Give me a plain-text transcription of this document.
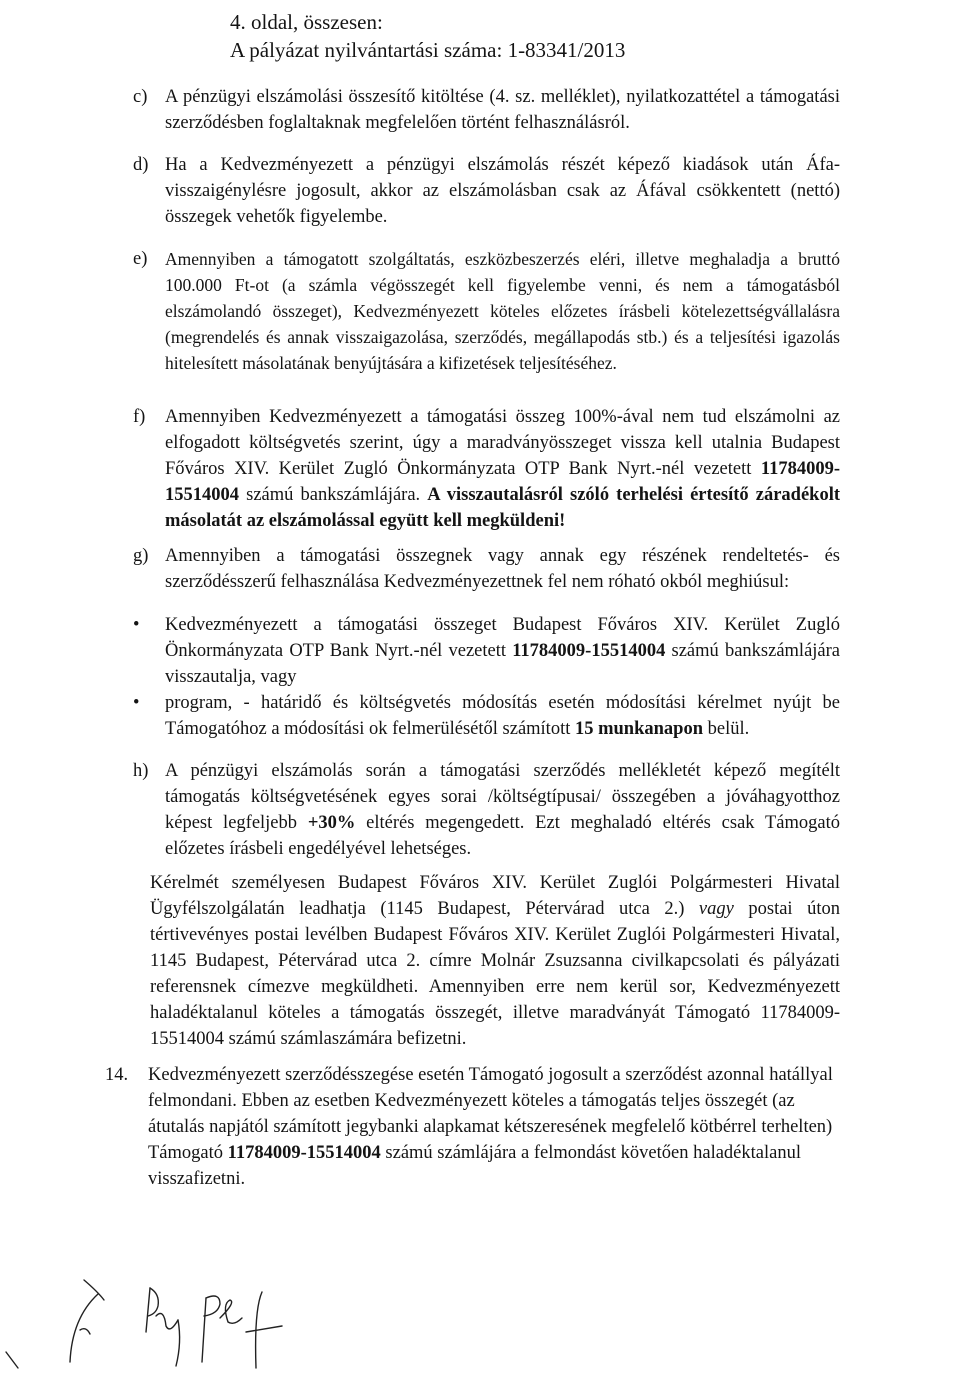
4. oldal, összesen:
A pályázat nyilvántartási száma: 1-83341/2013
c) A pénzügyi elszámolási összesítő kitöltése (4. sz. melléklet), nyilatkozattétel a támogatási szerződésben foglaltaknak megfelelően történt felhasználásról.
d) Ha a Kedvezményezett a pénzügyi elszámolás részét képező kiadások után Áfa-visszaigénylésre jogosult, akkor az elszámolásban csak az Áfával csökkentett (nettó) összegek vehetők figyelembe.
e) Amennyiben a támogatott szolgáltatás, eszközbeszerzés eléri, illetve meghaladja a bruttó 100.000 Ft-ot (a számla végösszegét kell figyelembe venni, és nem a támogatásból elszámolandó összeget), Kedvezményezett köteles előzetes írásbeli kötelezettségvállalásra (megrendelés és annak visszaigazolása, szerződés, megállapodás stb.) és a teljesítési igazolás hitelesített másolatának benyújtására a kifizetések teljesítéséhez.
f) Amennyiben Kedvezményezett a támogatási összeg 100%-ával nem tud elszámolni az elfogadott költségvetés szerint, úgy a maradványösszeget vissza kell utalnia Budapest Főváros XIV. Kerület Zugló Önkormányzata OTP Bank Nyrt.-nél vezetett 11784009-15514004 számú bankszámlájára. A visszautalásról szóló terhelési értesítő záradékolt másolatát az elszámolással együtt kell megküldeni!
g) Amennyiben a támogatási összegnek vagy annak egy részének rendeltetés- és szerződésszerű felhasználása Kedvezményezettnek fel nem róható okból meghiúsul:
• Kedvezményezett a támogatási összeget Budapest Főváros XIV. Kerület Zugló Önkormányzata OTP Bank Nyrt.-nél vezetett 11784009-15514004 számú bankszámlájára visszautalja, vagy
• program, - határidő és költségvetés módosítás esetén módosítási kérelmet nyújt be Támogatóhoz a módosítási ok felmerülésétől számított 15 munkanapon belül.
h) A pénzügyi elszámolás során a támogatási szerződés mellékletét képező megítélt támogatás költségvetésének egyes sorai /költségtípusai/ összegében a jóváhagyotthoz képest legfeljebb +30% eltérés megengedett. Ezt meghaladó eltérés csak Támogató előzetes írásbeli engedélyével lehetséges.
Kérelmét személyesen Budapest Főváros XIV. Kerület Zuglói Polgármesteri Hivatal Ügyfélszolgálatán leadhatja (1145 Budapest, Pétervárad utca 2.) vagy postai úton tértivevényes postai levélben Budapest Főváros XIV. Kerület Zuglói Polgármesteri Hivatal, 1145 Budapest, Pétervárad utca 2. címre Molnár Zsuzsanna civilkapcsolati és pályázati referensnek címezve megküldheti. Amennyiben erre nem kerül sor, Kedvezményezett haladéktalanul köteles a támogatás összegét, illetve maradványát Támogató 11784009-15514004 számú számlaszámára befizetni.
14. Kedvezményezett szerződésszegése esetén Támogató jogosult a szerződést azonnal hatállyal felmondani. Ebben az esetben Kedvezményezett köteles a támogatás teljes összegét (az átutalás napjától számított jegybanki alapkamat kétszeresének megfelelő kötbérrel terhelten) Támogató 11784009-15514004 számú számlájára a felmondást követően haladéktalanul visszafizetni.
